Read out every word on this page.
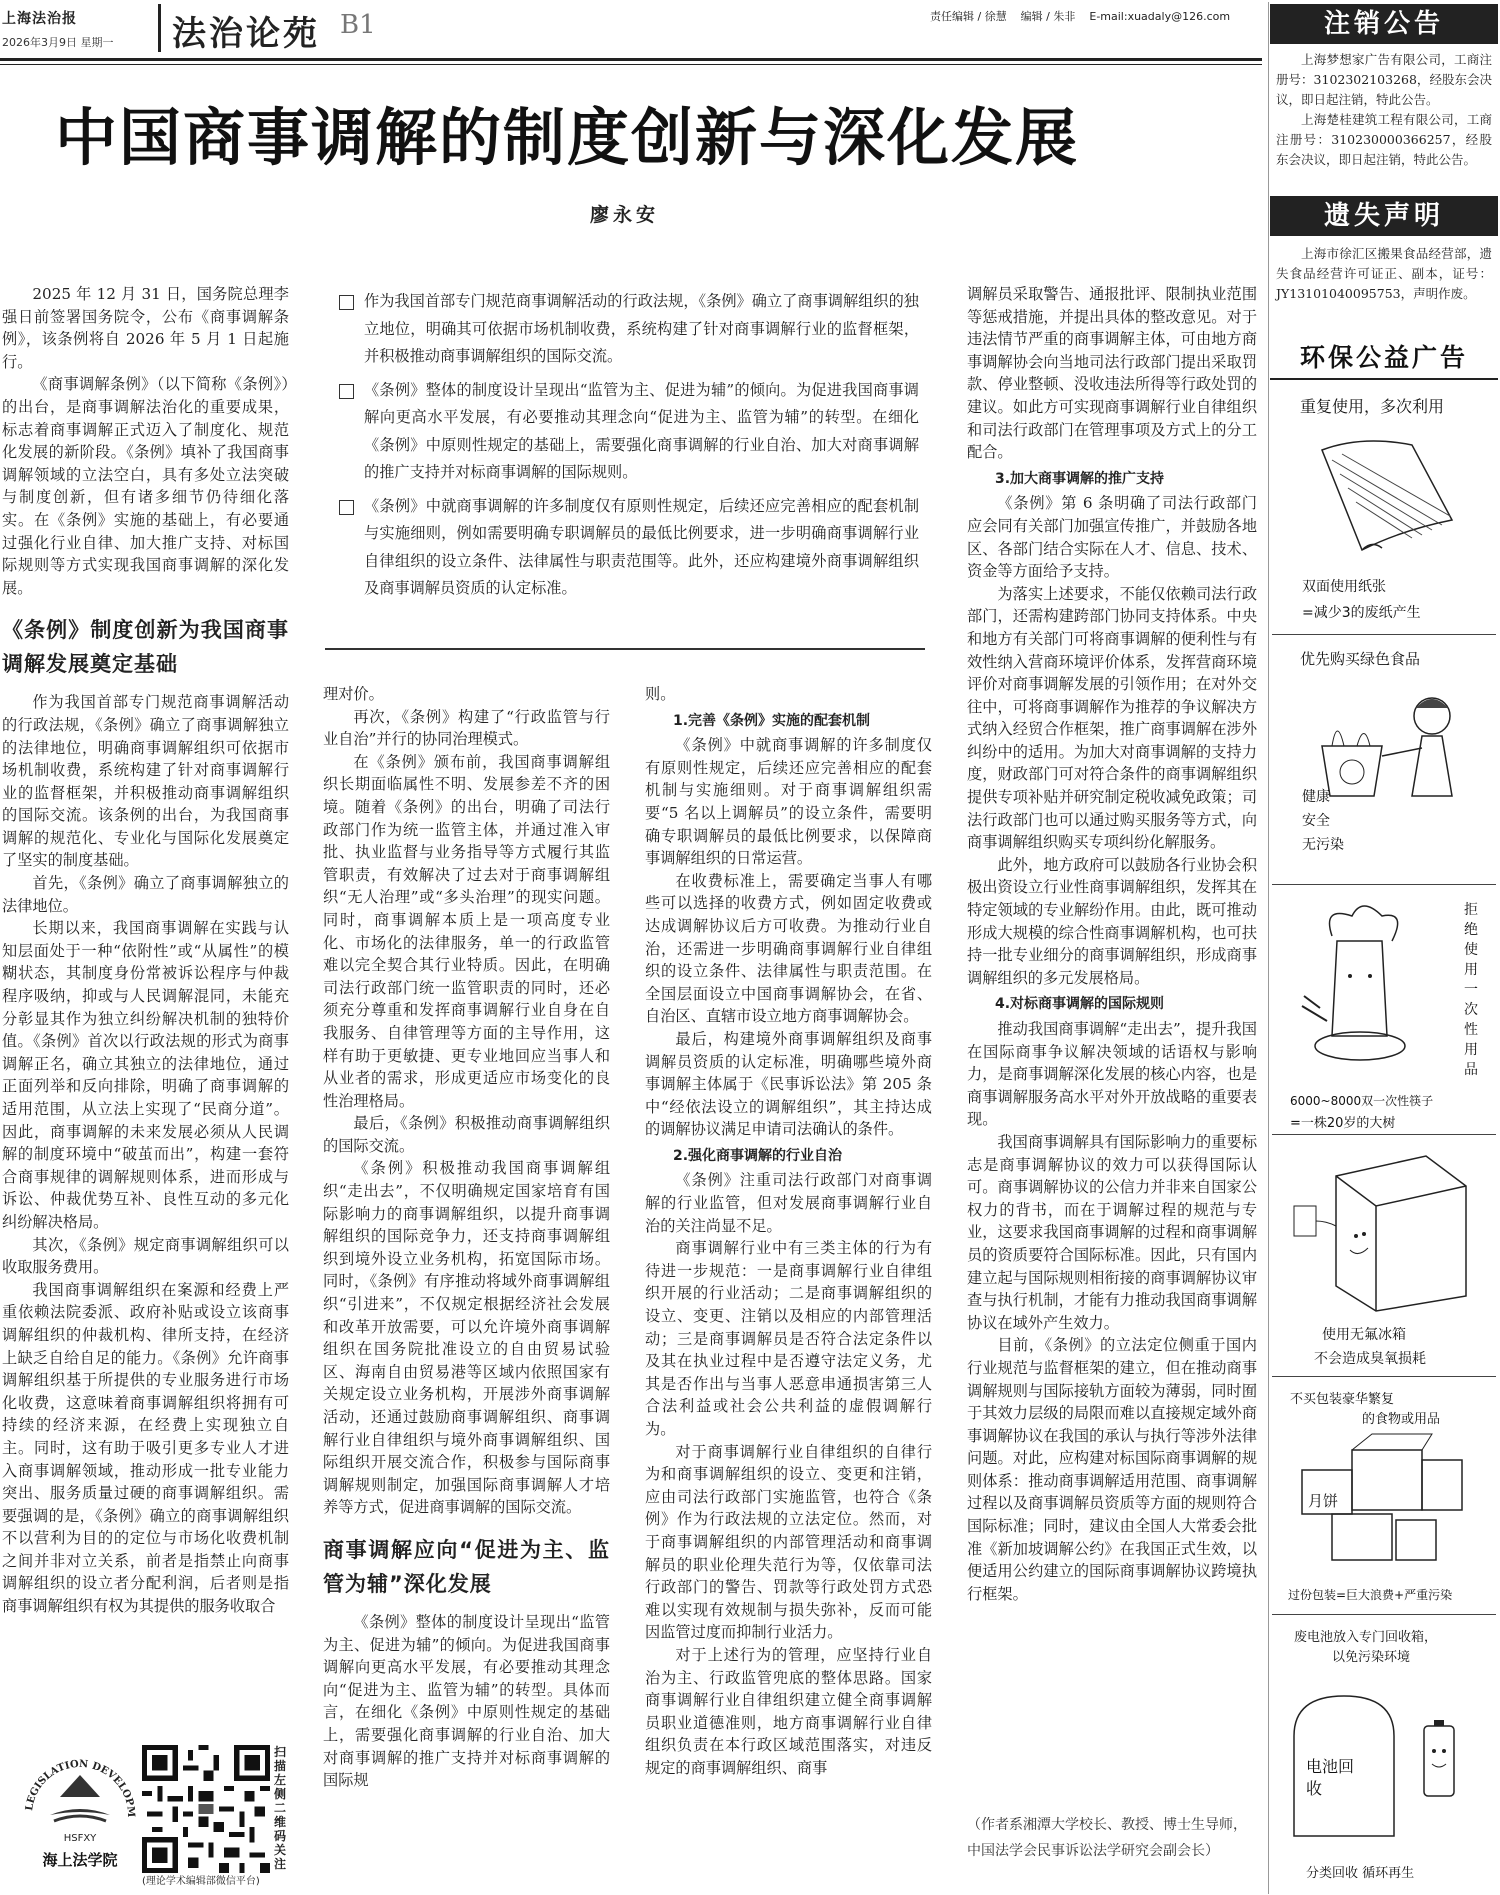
上海法治报
2026年3月9日 星期一 法治论苑 B1	责任编辑 / 徐慧    编辑 / 朱非    E-mail:xuadaly@126.com
中国商事调解的制度创新与深化发展
廖永安

2025 年 12 月 31 日，国务院总理李强日前签署国务院令，公布《商事调解条例》，该条例将自 2026 年 5 月 1 日起施行。

《商事调解条例》（以下简称《条例》）的出台，是商事调解法治化的重要成果，标志着商事调解正式迈入了制度化、规范化发展的新阶段。《条例》填补了我国商事调解领域的立法空白，具有多处立法突破与制度创新，但有诸多细节仍待细化落实。在《条例》实施的基础上，有必要通过强化行业自律、加大推广支持、对标国际规则等方式实现我国商事调解的深化发展。

《条例》制度创新为我国商事调解发展奠定基础

作为我国首部专门规范商事调解活动的行政法规，《条例》确立了商事调解独立的法律地位，明确商事调解组织可依据市场机制收费，系统构建了针对商事调解行业的监督框架，并积极推动商事调解组织的国际交流。该条例的出台，为我国商事调解的规范化、专业化与国际化发展奠定了坚实的制度基础。

首先，《条例》确立了商事调解独立的法律地位。

长期以来，我国商事调解在实践与认知层面处于一种“依附性”或“从属性”的模糊状态，其制度身份常被诉讼程序与仲裁程序吸纳，抑或与人民调解混同，未能充分彰显其作为独立纠纷解决机制的独特价值。《条例》首次以行政法规的形式为商事调解正名，确立其独立的法律地位，通过正面列举和反向排除，明确了商事调解的适用范围，从立法上实现了“民商分道”。因此，商事调解的未来发展必须从人民调解的制度环境中“破茧而出”，构建一套符合商事规律的调解规则体系，进而形成与诉讼、仲裁优势互补、良性互动的多元化纠纷解决格局。

其次，《条例》规定商事调解组织可以收取服务费用。

我国商事调解组织在案源和经费上严重依赖法院委派、政府补贴或设立该商事调解组织的仲裁机构、律所支持，在经济上缺乏自给自足的能力。《条例》允许商事调解组织基于所提供的专业服务进行市场化收费，这意味着商事调解组织将拥有可持续的经济来源，在经费上实现独立自主。同时，这有助于吸引更多专业人才进入商事调解领域，推动形成一批专业能力突出、服务质量过硬的商事调解组织。需要强调的是，《条例》确立的商事调解组织不以营利为目的的定位与市场化收费机制之间并非对立关系，前者是指禁止向商事调解组织的设立者分配利润，后者则是指商事调解组织有权为其提供的服务收取合

作为我国首部专门规范商事调解活动的行政法规，《条例》确立了商事调解组织的独立地位，明确其可依据市场机制收费，系统构建了针对商事调解行业的监督框架，并积极推动商事调解组织的国际交流。
《条例》整体的制度设计呈现出“监管为主、促进为辅”的倾向。为促进我国商事调解向更高水平发展，有必要推动其理念向“促进为主、监管为辅”的转型。在细化《条例》中原则性规定的基础上，需要强化商事调解的行业自治、加大对商事调解的推广支持并对标商事调解的国际规则。
《条例》中就商事调解的许多制度仅有原则性规定，后续还应完善相应的配套机制与实施细则，例如需要明确专职调解员的最低比例要求，进一步明确商事调解行业自律组织的设立条件、法律属性与职责范围等。此外，还应构建境外商事调解组织及商事调解员资质的认定标准。

理对价。

再次，《条例》构建了“行政监管与行业自治”并行的协同治理模式。

在《条例》颁布前，我国商事调解组织长期面临属性不明、发展参差不齐的困境。随着《条例》的出台，明确了司法行政部门作为统一监管主体，并通过准入审批、执业监督与业务指导等方式履行其监管职责，有效解决了过去对于商事调解组织“无人治理”或“多头治理”的现实问题。同时，商事调解本质上是一项高度专业化、市场化的法律服务，单一的行政监管难以完全契合其行业特质。因此，在明确司法行政部门统一监管职责的同时，还必须充分尊重和发挥商事调解行业自身在自我服务、自律管理等方面的主导作用，这样有助于更敏捷、更专业地回应当事人和从业者的需求，形成更适应市场变化的良性治理格局。

最后，《条例》积极推动商事调解组织的国际交流。

《条例》积极推动我国商事调解组织“走出去”，不仅明确规定国家培育有国际影响力的商事调解组织，以提升商事调解组织的国际竞争力，还支持商事调解组织到境外设立业务机构，拓宽国际市场。同时，《条例》有序推动将域外商事调解组织“引进来”，不仅规定根据经济社会发展和改革开放需要，可以允许境外商事调解组织在国务院批准设立的自由贸易试验区、海南自由贸易港等区域内依照国家有关规定设立业务机构，开展涉外商事调解活动，还通过鼓励商事调解组织、商事调解行业自律组织与境外商事调解组织、国际组织开展交流合作，积极参与国际商事调解规则制定，加强国际商事调解人才培养等方式，促进商事调解的国际交流。

商事调解应向“促进为主、监管为辅”深化发展

《条例》整体的制度设计呈现出“监管为主、促进为辅”的倾向。为促进我国商事调解向更高水平发展，有必要推动其理念向“促进为主、监管为辅”的转型。具体而言，在细化《条例》中原则性规定的基础上，需要强化商事调解的行业自治、加大对商事调解的推广支持并对标商事调解的国际规

则。

1.完善《条例》实施的配套机制

《条例》中就商事调解的许多制度仅有原则性规定，后续还应完善相应的配套机制与实施细则。对于商事调解组织需要“5 名以上调解员”的设立条件，需要明确专职调解员的最低比例要求，以保障商事调解组织的日常运营。

在收费标准上，需要确定当事人有哪些可以选择的收费方式，例如固定收费或达成调解协议后方可收费。为推动行业自治，还需进一步明确商事调解行业自律组织的设立条件、法律属性与职责范围。在全国层面设立中国商事调解协会，在省、自治区、直辖市设立地方商事调解协会。

最后，构建境外商事调解组织及商事调解员资质的认定标准，明确哪些境外商事调解主体属于《民事诉讼法》第 205 条中“经依法设立的调解组织”，其主持达成的调解协议满足申请司法确认的条件。

2.强化商事调解的行业自治

《条例》注重司法行政部门对商事调解的行业监管，但对发展商事调解行业自治的关注尚显不足。

商事调解行业中有三类主体的行为有待进一步规范：一是商事调解行业自律组织开展的行业活动；二是商事调解组织的设立、变更、注销以及相应的内部管理活动；三是商事调解员是否符合法定条件以及其在执业过程中是否遵守法定义务，尤其是否作出与当事人恶意串通损害第三人合法利益或社会公共利益的虚假调解行为。

对于商事调解行业自律组织的自律行为和商事调解组织的设立、变更和注销，应由司法行政部门实施监管，也符合《条例》作为行政法规的立法定位。然而，对于商事调解组织的内部管理活动和商事调解员的职业伦理失范行为等，仅依靠司法行政部门的警告、罚款等行政处罚方式恐难以实现有效规制与损失弥补，反而可能因监管过度而抑制行业活力。

对于上述行为的管理，应坚持行业自治为主、行政监管兜底的整体思路。国家商事调解行业自律组织建立健全商事调解员职业道德准则，地方商事调解行业自律组织负责在本行政区域范围落实，对违反规定的商事调解组织、商事

调解员采取警告、通报批评、限制执业范围等惩戒措施，并提出具体的整改意见。对于违法情节严重的商事调解主体，可由地方商事调解协会向当地司法行政部门提出采取罚款、停业整顿、没收违法所得等行政处罚的建议。如此方可实现商事调解行业自律组织和司法行政部门在管理事项及方式上的分工配合。

3.加大商事调解的推广支持

《条例》第 6 条明确了司法行政部门应会同有关部门加强宣传推广，并鼓励各地区、各部门结合实际在人才、信息、技术、资金等方面给予支持。

为落实上述要求，不能仅依赖司法行政部门，还需构建跨部门协同支持体系。中央和地方有关部门可将商事调解的便利性与有效性纳入营商环境评价体系，发挥营商环境评价对商事调解发展的引领作用；在对外交往中，可将商事调解作为推荐的争议解决方式纳入经贸合作框架，推广商事调解在涉外纠纷中的适用。为加大对商事调解的支持力度，财政部门可对符合条件的商事调解组织提供专项补贴并研究制定税收减免政策；司法行政部门也可以通过购买服务等方式，向商事调解组织购买专项纠纷化解服务。

此外，地方政府可以鼓励各行业协会积极出资设立行业性商事调解组织，发挥其在特定领域的专业解纷作用。由此，既可推动形成大规模的综合性商事调解机构，也可扶持一批专业细分的商事调解组织，形成商事调解组织的多元发展格局。

4.对标商事调解的国际规则

推动我国商事调解“走出去”，提升我国在国际商事争议解决领域的话语权与影响力，是商事调解深化发展的核心内容，也是商事调解服务高水平对外开放战略的重要表现。

我国商事调解具有国际影响力的重要标志是商事调解协议的效力可以获得国际认可。商事调解协议的公信力并非来自国家公权力的背书，而在于调解过程的规范与专业，这要求我国商事调解的过程和商事调解员的资质要符合国际标准。因此，只有国内建立起与国际规则相衔接的商事调解协议审查与执行机制，才能有力推动我国商事调解协议在域外产生效力。

目前，《条例》的立法定位侧重于国内行业规范与监督框架的建立，但在推动商事调解规则与国际接轨方面较为薄弱，同时囿于其效力层级的局限而难以直接规定域外商事调解协议在我国的承认与执行等涉外法律问题。对此，应构建对标国际商事调解的规则体系：推动商事调解适用范围、商事调解过程以及商事调解员资质等方面的规则符合国际标准；同时，建议由全国人大常委会批准《新加坡调解公约》在我国正式生效，以便适用公约建立的国际商事调解协议跨境执行框架。

（作者系湘潭大学校长、教授、博士生导师，中国法学会民事诉讼法学研究会副会长）
LEGISLATION DEVELOPM
HSFXY
海上法学院
(理论学术编辑部微信平台)
扫描左侧二维码关注
注销公告

上海梦想家广告有限公司，工商注册号：3102302103268，经股东会决议，即日起注销，特此公告。

上海楚桂建筑工程有限公司，工商注册号：310230000366257，经股东会决议，即日起注销，特此公告。

遗失声明

上海市徐汇区搬果食品经营部，遗失食品经营许可证正、副本，证号：JY13101040095753，声明作废。

环保公益广告
重复使用，多次利用
双面使用纸张
=减少3的废纸产生
优先购买绿色食品
健康
安全
无污染
拒绝使用一次性用品
6000~8000双一次性筷子
=一株20岁的大树
使用无氟冰箱
不会造成臭氧损耗
不买包装豪华繁复
的食物或用品
月饼
过份包装=巨大浪费+严重污染
废电池放入专门回收箱，
以免污染环境
电池回收
分类回收 循环再生
